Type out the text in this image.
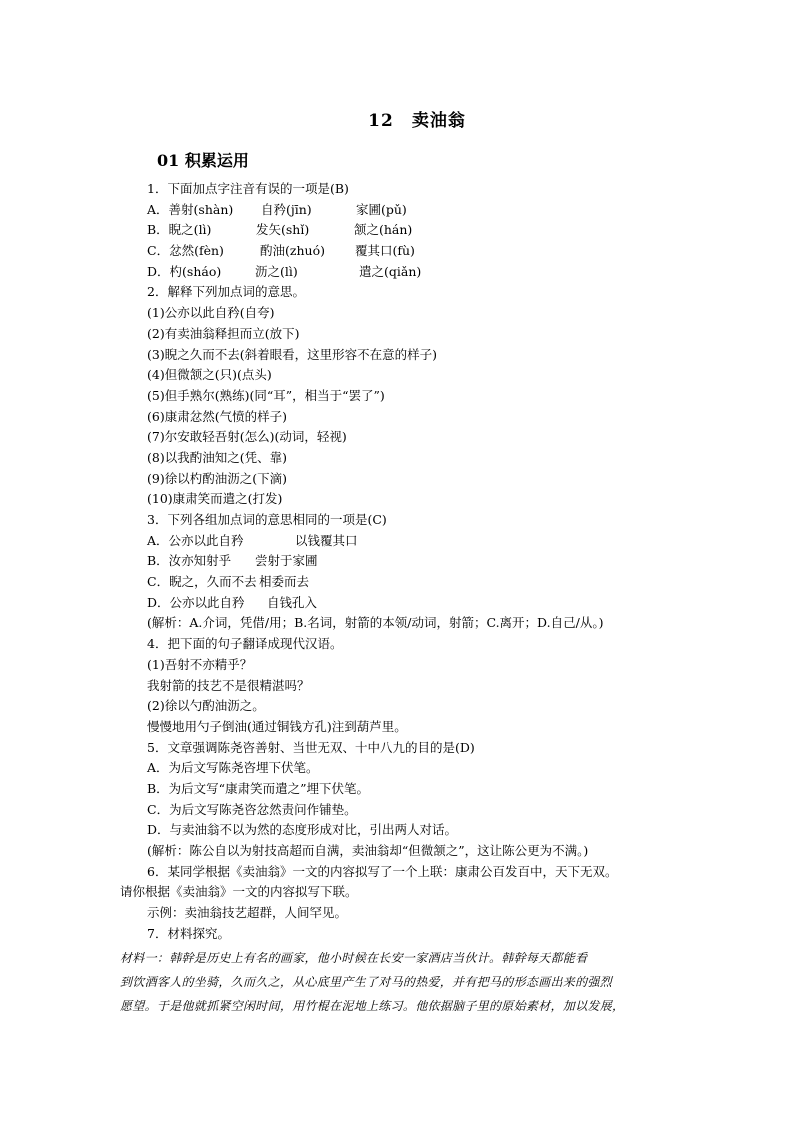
12 卖油翁
01 积累运用
1．下面加点字注音有误的一项是(B)
A．善射(shàn) 自矜(jīn)	家圃(pǔ)
B．睨之(lì)	发矢(shǐ)	颔之(hán)
C．忿然(fèn)	酌油(zhuó) 覆其口(fù)
D．杓(sháo)	沥之(lì)	遣之(qiǎn)
2．解释下列加点词的意思。
(1)公亦以此自矜(自夸)
(2)有卖油翁释担而立(放下)
(3)睨之久而不去(斜着眼看，这里形容不在意的样子)
(4)但微颔之(只)(点头)
(5)但手熟尔(熟练)(同“耳”，相当于“罢了”)
(6)康肃忿然(气愤的样子)
(7)尔安敢轻吾射(怎么)(动词，轻视)
(8)以我酌油知之(凭、靠)
(9)徐以杓酌油沥之(下滴)
(10)康肃笑而遣之(打发)
3．下列各组加点词的意思相同的一项是(C)
A．公亦以此自矜	以钱覆其口
B．汝亦知射乎 尝射于家圃
C．睨之，久而不去 相委而去
D．公亦以此自矜 自钱孔入
(解析：A.介词，凭借/用；B.名词，射箭的本领/动词，射箭；C.离开；D.自己/从。)
4．把下面的句子翻译成现代汉语。
(1)吾射不亦精乎？
我射箭的技艺不是很精湛吗？
(2)徐以勺酌油沥之。
慢慢地用勺子倒油(通过铜钱方孔)注到葫芦里。
5．文章强调陈尧咨善射、当世无双、十中八九的目的是(D)
A．为后文写陈尧咨埋下伏笔。
B．为后文写“康肃笑而遣之”埋下伏笔。
C．为后文写陈尧咨忿然责问作铺垫。
D．与卖油翁不以为然的态度形成对比，引出两人对话。
(解析：陈公自以为射技高超而自满，卖油翁却“但微颔之”，这让陈公更为不满。)
6．某同学根据《卖油翁》一文的内容拟写了一个上联：康肃公百发百中，天下无双。
请你根据《卖油翁》一文的内容拟写下联。
示例：卖油翁技艺超群，人间罕见。
7．材料探究。
材料一：韩幹是历史上有名的画家，他小时候在长安一家酒店当伙计。韩幹每天都能看
到饮酒客人的坐骑，久而久之，从心底里产生了对马的热爱，并有把马的形态画出来的强烈
愿望。于是他就抓紧空闲时间，用竹棍在泥地上练习。他依据脑子里的原始素材，加以发展，
